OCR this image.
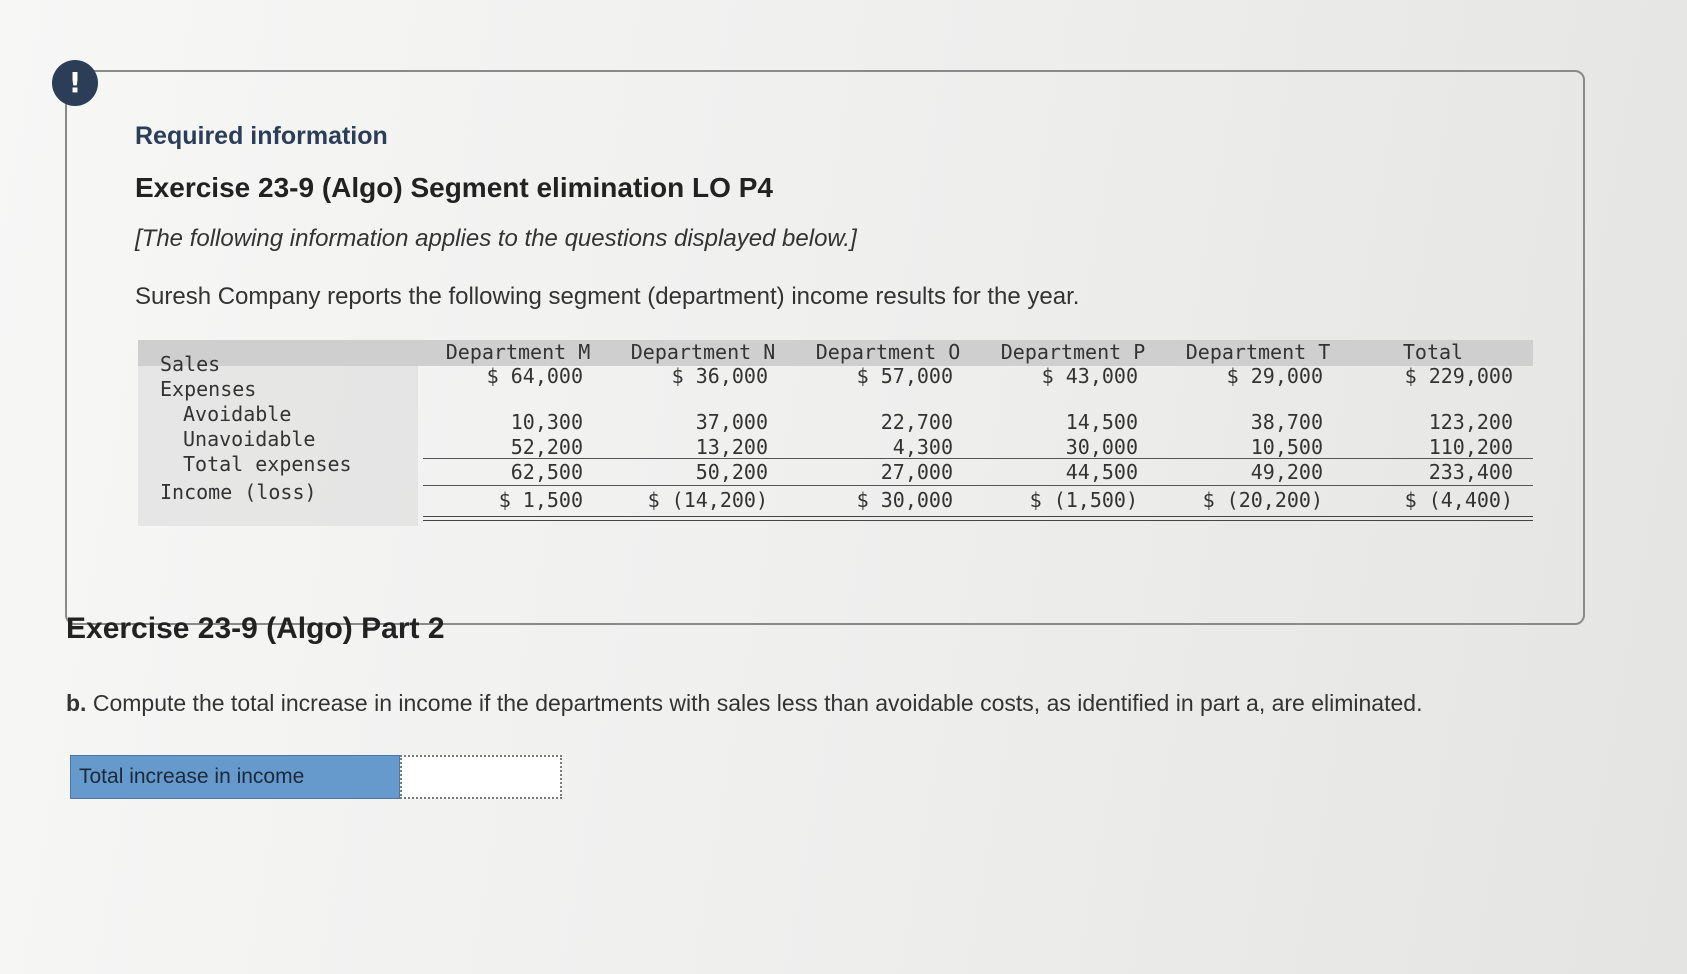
!
Required information
Exercise 23-9 (Algo) Segment elimination LO P4
[The following information applies to the questions displayed below.]
Suresh Company reports the following segment (department) income results for the year.
Sales
Expenses
Avoidable
Unavoidable
Total expenses
Income (loss)
Department M
$ 64,000
10,300
52,200
62,500
$ 1,500
Department N
$ 36,000
37,000
13,200
50,200
$ (14,200)
Department O
$ 57,000
22,700
4,300
27,000
$ 30,000
Department P
$ 43,000
14,500
30,000
44,500
$ (1,500)
Department T
$ 29,000
38,700
10,500
49,200
$ (20,200)
Total
$ 229,000
123,200
110,200
233,400
$ (4,400)
Exercise 23-9 (Algo) Part 2
b. Compute the total increase in income if the departments with sales less than avoidable costs, as identified in part a, are eliminated.
Total increase in income
